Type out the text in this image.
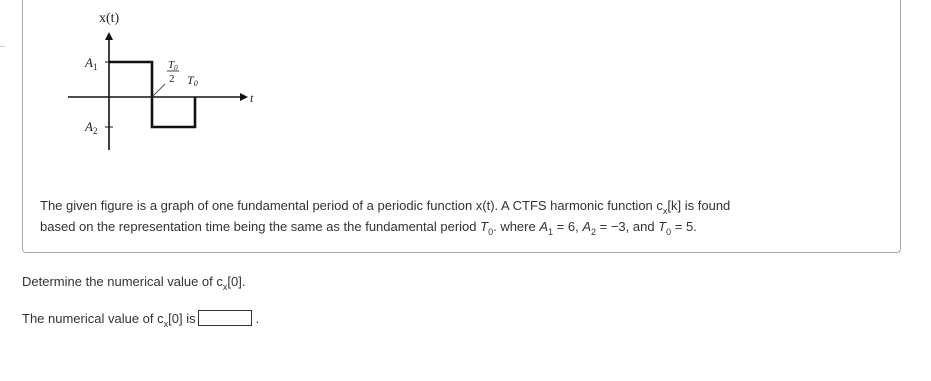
x(t)
t
$A_1$
$A_2$
T0
2 T0

The given figure is a graph of one fundamental period of a periodic function x(t). A CTFS harmonic function $c_x[k]$ is found

based on the representation time being the same as the fundamental period $T_0$. where $A_1 = 6$, $A_2 = -3$, and $T_0 = 5$.

Determine the numerical value of $c_x[0]$.
The numerical value of $c_x[0]$ is	.
